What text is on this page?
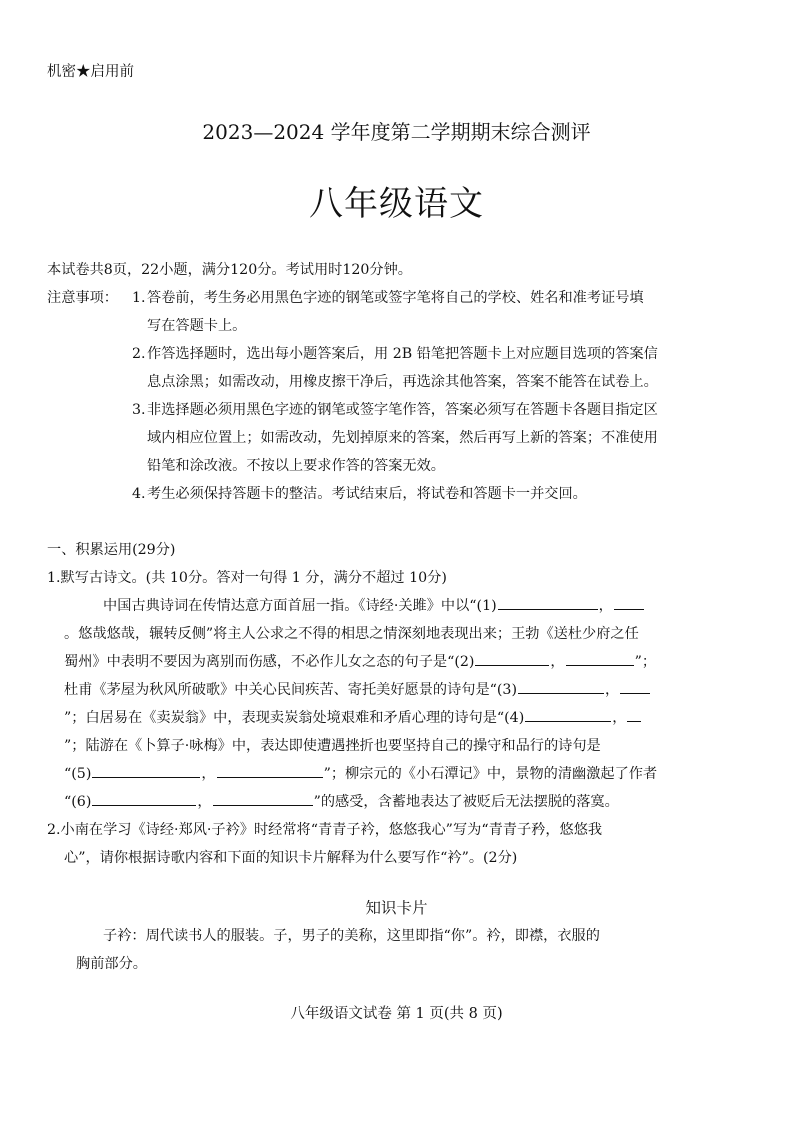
机密★启用前
2023—2024 学年度第二学期期末综合测评
八年级语文
本试卷共8页，22小题，满分120分。考试用时120分钟。
注意事项： 1. 答卷前，考生务必用黑色字迹的钢笔或签字笔将自己的学校、姓名和准考证号填
写在答题卡上。
2. 作答选择题时，选出每小题答案后，用 2B 铅笔把答题卡上对应题目选项的答案信
息点涂黑；如需改动，用橡皮擦干净后，再选涂其他答案，答案不能答在试卷上。
3. 非选择题必须用黑色字迹的钢笔或签字笔作答，答案必须写在答题卡各题目指定区
域内相应位置上；如需改动，先划掉原来的答案，然后再写上新的答案；不准使用
铅笔和涂改液。不按以上要求作答的答案无效。
4. 考生必须保持答题卡的整洁。考试结束后，将试卷和答题卡一并交回。
一、积累运用(29分)
1.默写古诗文。(共 10分。答对一句得 1 分，满分不超过 10分)
中国古典诗词在传情达意方面首屈一指。《诗经·关雎》中以“(1)	，
。悠哉悠哉，辗转反侧”将主人公求之不得的相思之情深刻地表现出来；王勃《送杜少府之任
蜀州》中表明不要因为离别而伤感，不必作儿女之态的句子是“(2)	，	”；
杜甫《茅屋为秋风所破歌》中关心民间疾苦、寄托美好愿景的诗句是“(3)	，
”；白居易在《卖炭翁》中，表现卖炭翁处境艰难和矛盾心理的诗句是“(4)	，
”；陆游在《卜算子·咏梅》中，表达即使遭遇挫折也要坚持自己的操守和品行的诗句是
“(5)	，	”；柳宗元的《小石潭记》中，景物的清幽激起了作者
“(6)	，	”的感受，含蓄地表达了被贬后无法摆脱的落寞。
2.小南在学习《诗经·郑风·子衿》时经常将“青青子衿，悠悠我心”写为“青青子矜，悠悠我
心”，请你根据诗歌内容和下面的知识卡片解释为什么要写作“衿”。(2分)
知识卡片
子衿：周代读书人的服装。子，男子的美称，这里即指“你”。衿，即襟，衣服的
胸前部分。
八年级语文试卷 第 1 页(共 8 页)
